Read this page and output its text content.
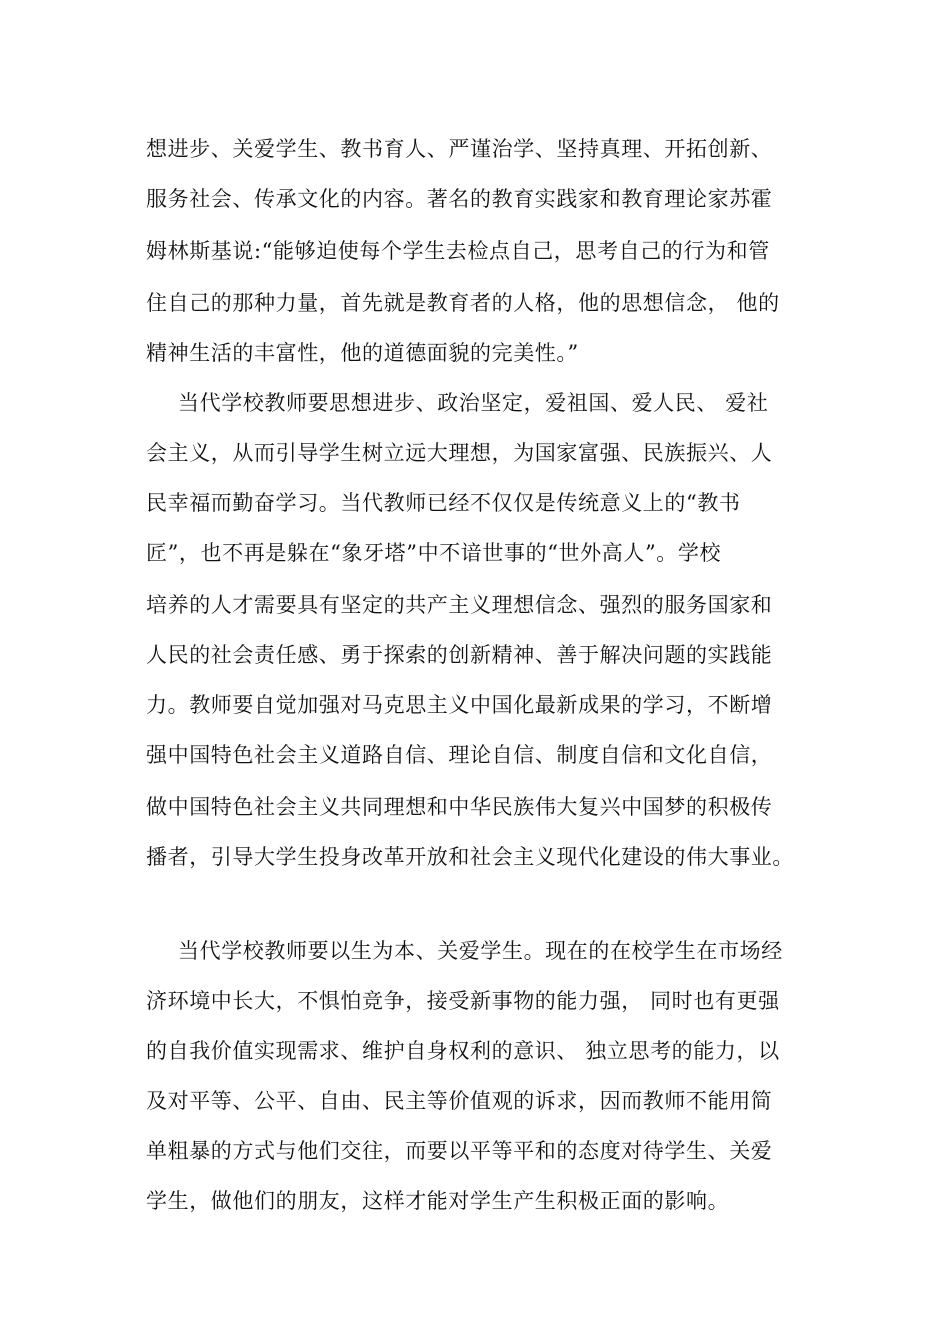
想进步、关爱学生、教书育人、严谨治学、坚持真理、开拓创新、
服务社会、传承文化的内容。著名的教育实践家和教育理论家苏霍
姆林斯基说:“能够迫使每个学生去检点自己，思考自己的行为和管
住自己的那种力量，首先就是教育者的人格，他的思想信念， 他的
精神生活的丰富性，他的道德面貌的完美性。”
当代学校教师要思想进步、政治坚定，爱祖国、爱人民、 爱社
会主义，从而引导学生树立远大理想，为国家富强、民族振兴、人
民幸福而勤奋学习。当代教师已经不仅仅是传统意义上的“教书
匠”，也不再是躲在“象牙塔”中不谙世事的“世外高人”。学校
培养的人才需要具有坚定的共产主义理想信念、强烈的服务国家和
人民的社会责任感、勇于探索的创新精神、善于解决问题的实践能
力。教师要自觉加强对马克思主义中国化最新成果的学习，不断增
强中国特色社会主义道路自信、理论自信、制度自信和文化自信，
做中国特色社会主义共同理想和中华民族伟大复兴中国梦的积极传
播者，引导大学生投身改革开放和社会主义现代化建设的伟大事业。
当代学校教师要以生为本、关爱学生。现在的在校学生在市场经
济环境中长大，不惧怕竞争，接受新事物的能力强， 同时也有更强
的自我价值实现需求、维护自身权利的意识、 独立思考的能力，以
及对平等、公平、自由、民主等价值观的诉求，因而教师不能用简
单粗暴的方式与他们交往，而要以平等平和的态度对待学生、关爱
学生，做他们的朋友，这样才能对学生产生积极正面的影响。
